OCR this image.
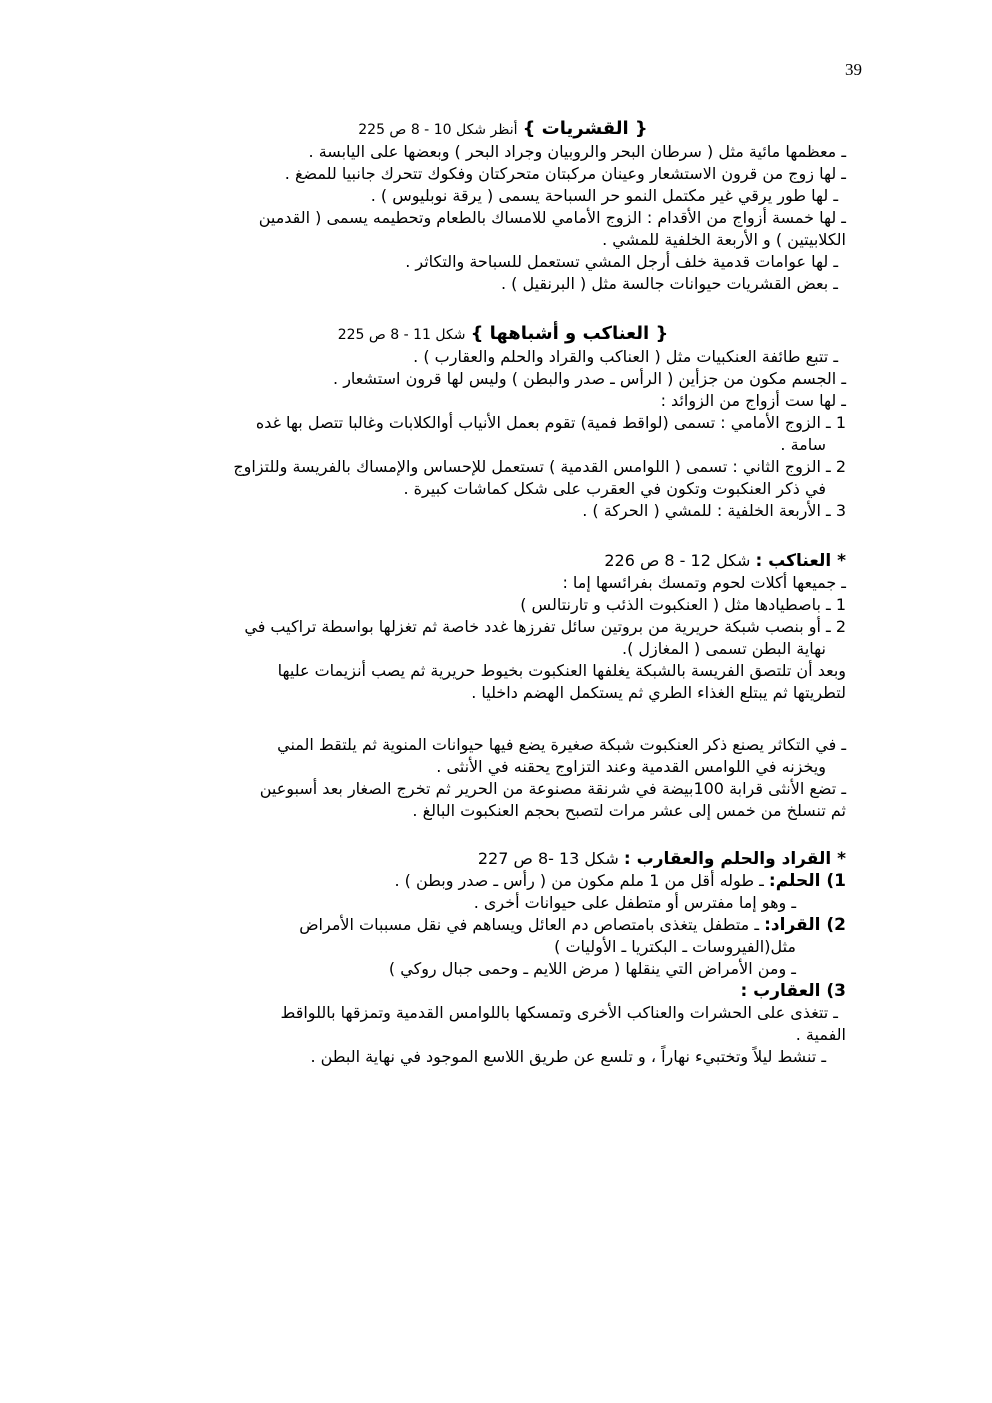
39

{ القشريات } أنظر شكل 10 - 8 ص 225

ـ معظمها مائية مثل ( سرطان البحر والروبيان وجراد البحر ) وبعضها على اليابسة .

ـ لها زوج من قرون الاستشعار وعينان مركبتان متحركتان وفكوك تتحرك جانبيا للمضغ .

ـ لها طور يرقي غير مكتمل النمو حر السباحة يسمى ( يرقة نوبليوس ) .

ـ لها خمسة أزواج من الأقدام : الزوج الأمامي للامساك بالطعام وتحطيمه يسمى ( القدمين

الكلابيتين ) و الأربعة الخلفية للمشي .

ـ لها عوامات قدمية خلف أرجل المشي تستعمل للسباحة والتكاثر .

ـ بعض القشريات حيوانات جالسة مثل ( البرنقيل ) .

{ العناكب و أشباهها } شكل 11 - 8 ص 225

ـ تتبع طائفة العنكبيات مثل ( العناكب والقراد والحلم والعقارب ) .

ـ الجسم مكون من جزأين ( الرأس ـ صدر والبطن ) وليس لها قرون استشعار .

ـ لها ست أزواج من الزوائد :

1 ـ الزوج الأمامي : تسمى (لواقط فمية) تقوم بعمل الأنياب أوالكلابات وغالبا تتصل بها غده

سامة .

2 ـ الزوج الثاني : تسمى ( اللوامس القدمية ) تستعمل للإحساس والإمساك بالفريسة وللتزاوج

في ذكر العنكبوت وتكون في العقرب على شكل كماشات كبيرة .

3 ـ الأربعة الخلفية : للمشي ( الحركة ) .

* العناكب : شكل 12 - 8 ص 226

ـ جميعها أكلات لحوم وتمسك بفرائسها إما :

1 ـ باصطيادها مثل ( العنكبوت الذئب و تارنتالس )

2 ـ أو بنصب شبكة حريرية من بروتين سائل تفرزها غدد خاصة ثم تغزلها بواسطة تراكيب في

نهاية البطن تسمى ( المغازل ).

وبعد أن تلتصق الفريسة بالشبكة يغلفها العنكبوت بخيوط حريرية ثم يصب أنزيمات عليها

لتطريتها ثم يبتلع الغذاء الطري ثم يستكمل الهضم داخليا .

ـ في التكاثر يصنع ذكر العنكبوت شبكة صغيرة يضع فيها حيوانات المنوية ثم يلتقط المني

ويخزنه في اللوامس القدمية وعند التزاوج يحقنه في الأنثى .

ـ تضع الأنثى قرابة 100بيضة في شرنقة مصنوعة من الحرير ثم تخرج الصغار بعد أسبوعين

ثم تنسلخ من خمس إلى عشر مرات لتصبح بحجم العنكبوت البالغ .

* القراد والحلم والعقارب : شكل 13 -8 ص 227

1) الحلم: ـ طوله أقل من 1 ملم مكون من ( رأس ـ صدر وبطن ) .

ـ وهو إما مفترس أو متطفل على حيوانات أخرى .

2) القراد: ـ متطفل يتغذى بامتصاص دم العائل ويساهم في نقل مسببات الأمراض

مثل(الفيروسات ـ البكتريا ـ الأوليات )

ـ ومن الأمراض التي ينقلها ( مرض اللايم ـ وحمى جبال روكي )

3) العقارب :

ـ تتغذى على الحشرات والعناكب الأخرى وتمسكها باللوامس القدمية وتمزقها باللواقط

الفمية .

ـ تنشط ليلاً وتختبيء نهاراً ، و تلسع عن طريق اللاسع الموجود في نهاية البطن .
